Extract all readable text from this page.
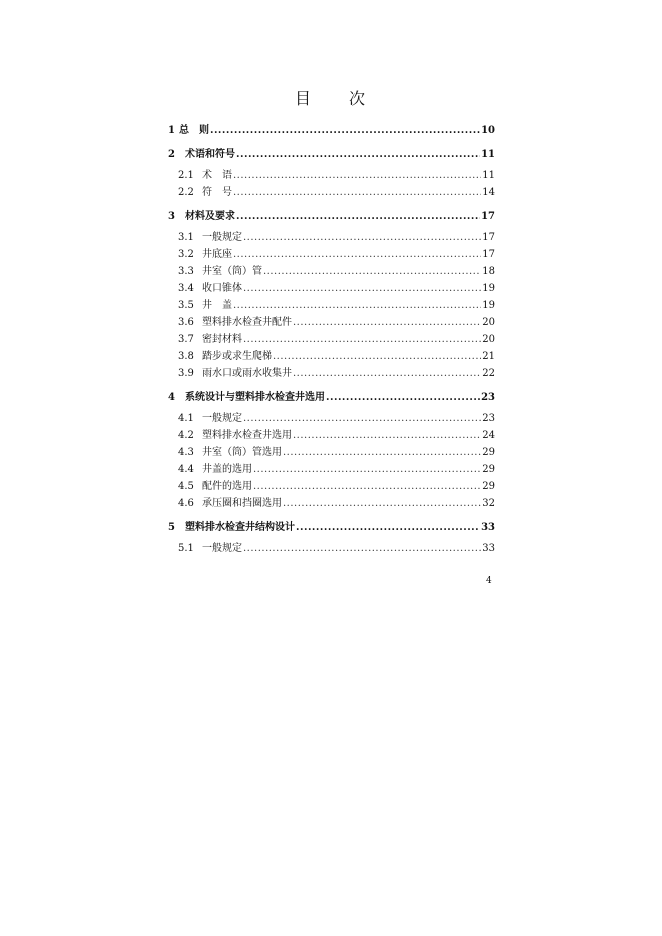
目 次
1 总　则 .....	10
2	术语和符号 .....	11
2.1 术　语 .....	11
2.2 符　号 .....	14
3	材料及要求 .....	17
3.1 一般规定 .....	17
3.2 井底座 .....	17
3.3 井室（筒）管 .....	18
3.4 收口锥体 .....	19
3.5 井　盖 .....	19
3.6 塑料排水检查井配件 .....	20
3.7 密封材料 .....	20
3.8 踏步或求生爬梯 .....	21
3.9 雨水口或雨水收集井 .....	22
4	系统设计与塑料排水检查井选用 .....	23
4.1 一般规定 .....	23
4.2 塑料排水检查井选用 .....	24
4.3 井室（筒）管选用 .....	29
4.4 井盖的选用 .....	29
4.5 配件的选用 .....	29
4.6 承压圈和挡圈选用 .....	32
5	塑料排水检查井结构设计 .....	33
5.1 一般规定 .....	33
4
